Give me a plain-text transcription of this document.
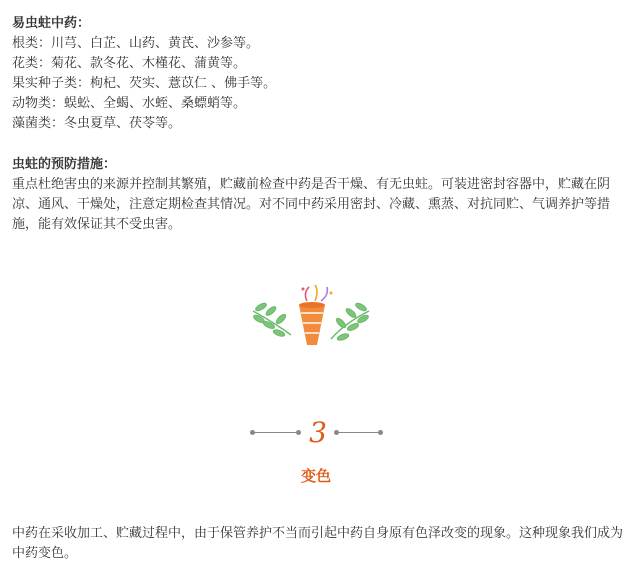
易虫蛀中药：
根类：川芎、白芷、山药、黄芪、沙参等。
花类：菊花、款冬花、木槿花、蒲黄等。
果实种子类：枸杞、芡实、薏苡仁 、佛手等。
动物类：蜈蚣、全蝎、水蛭、桑螵蛸等。
藻菌类：冬虫夏草、茯苓等。
虫蛀的预防措施：
重点杜绝害虫的来源并控制其繁殖，贮藏前检查中药是否干燥、有无虫蛀。可装进密封容器中，贮藏在阴凉、通风、干燥处，注意定期检查其情况。对不同中药采用密封、冷藏、熏蒸、对抗同贮、气调养护等措施，能有效保证其不受虫害。
3
变色
中药在采收加工、贮藏过程中，由于保管养护不当而引起中药自身原有色泽改变的现象。这种现象我们成为中药变色。
